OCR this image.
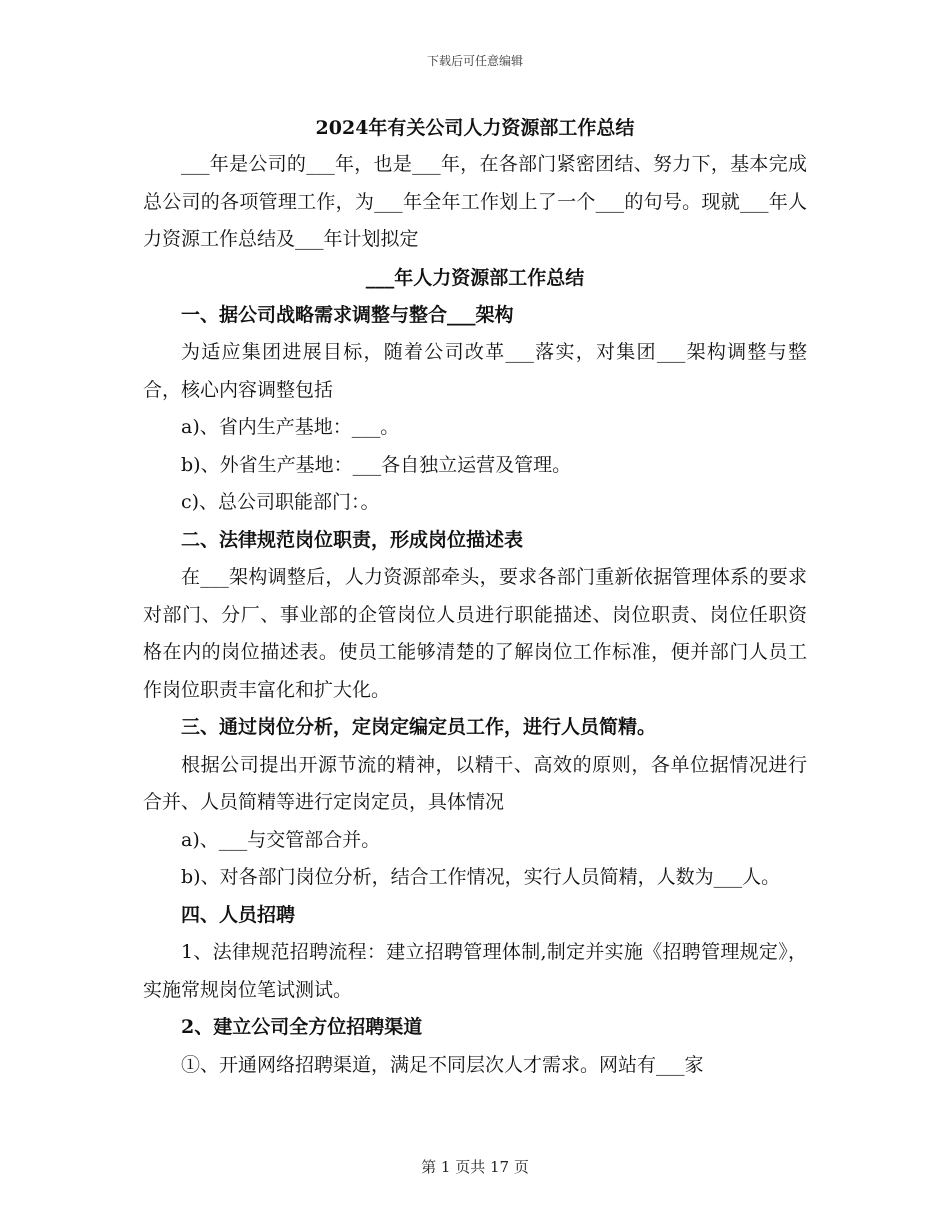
下载后可任意编辑
2024年有关公司人力资源部工作总结

___年是公司的___年，也是___年，在各部门紧密团结、努力下，基本完成总公司的各项管理工作，为___年全年工作划上了一个___的句号。现就___年人力资源工作总结及___年计划拟定

___年人力资源部工作总结
一、据公司战略需求调整与整合___架构

为适应集团进展目标，随着公司改革___落实，对集团___架构调整与整合，核心内容调整包括

a)、省内生产基地：___。

b)、外省生产基地：___各自独立运营及管理。

c)、总公司职能部门：。

二、法律规范岗位职责，形成岗位描述表

在___架构调整后，人力资源部牵头，要求各部门重新依据管理体系的要求对部门、分厂、事业部的企管岗位人员进行职能描述、岗位职责、岗位任职资格在内的岗位描述表。使员工能够清楚的了解岗位工作标准，便并部门人员工作岗位职责丰富化和扩大化。

三、通过岗位分析，定岗定编定员工作，进行人员简精。

根据公司提出开源节流的精神，以精干、高效的原则，各单位据情况进行合并、人员简精等进行定岗定员，具体情况

a)、___与交管部合并。

b)、对各部门岗位分析，结合工作情况，实行人员简精，人数为___人。

四、人员招聘

1、法律规范招聘流程：建立招聘管理体制,制定并实施《招聘管理规定》，实施常规岗位笔试测试。

2、建立公司全方位招聘渠道

①、开通网络招聘渠道，满足不同层次人才需求。网站有___家

第 1 页共 17 页
